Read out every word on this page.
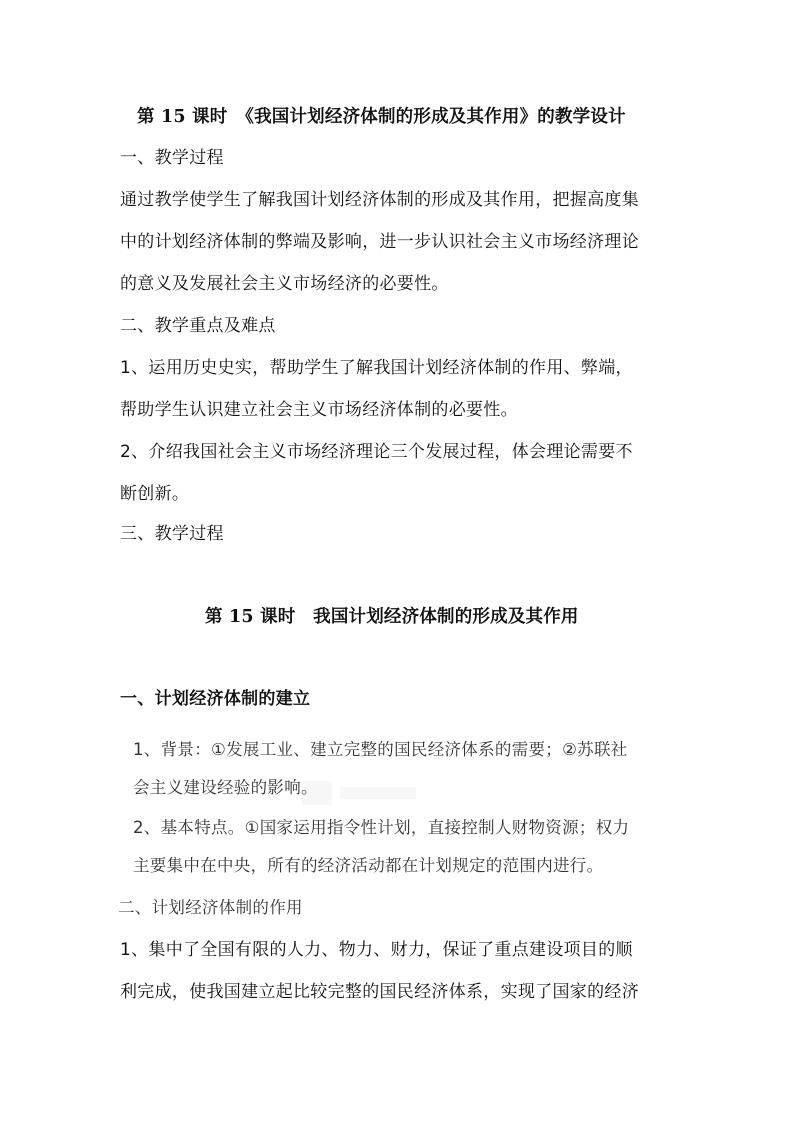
第 15 课时　《我国计划经济体制的形成及其作用》的教学设计
一、教学过程
通过教学使学生了解我国计划经济体制的形成及其作用，把握高度集
中的计划经济体制的弊端及影响，进一步认识社会主义市场经济理论
的意义及发展社会主义市场经济的必要性。
二、教学重点及难点
1、运用历史史实，帮助学生了解我国计划经济体制的作用、弊端，
帮助学生认识建立社会主义市场经济体制的必要性。
2、介绍我国社会主义市场经济理论三个发展过程，体会理论需要不
断创新。
三、教学过程
第 15 课时　我国计划经济体制的形成及其作用
一、计划经济体制的建立
1、背景：①发展工业、建立完整的国民经济体系的需要；②苏联社
会主义建设经验的影响。
2、基本特点。①国家运用指令性计划，直接控制人财物资源；权力
主要集中在中央，所有的经济活动都在计划规定的范围内进行。
二、计划经济体制的作用
1、集中了全国有限的人力、物力、财力，保证了重点建设项目的顺
利完成，使我国建立起比较完整的国民经济体系，实现了国家的经济
